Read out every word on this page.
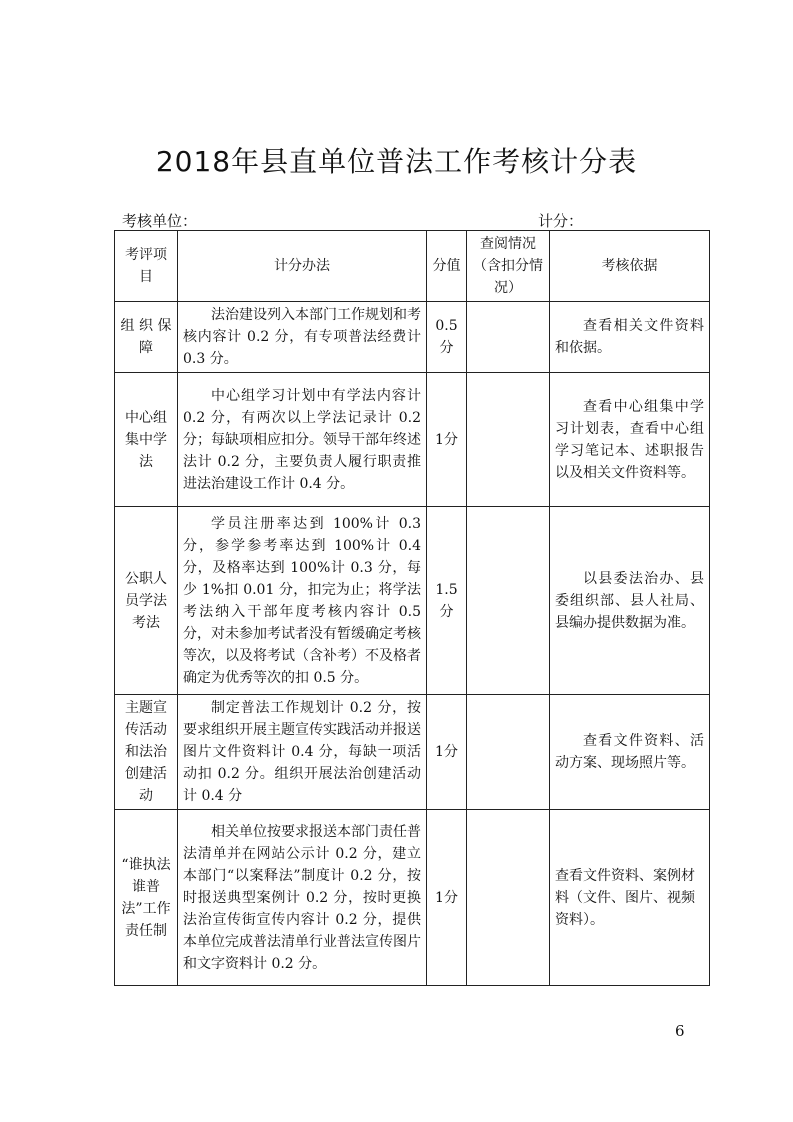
2018年县直单位普法工作考核计分表
考核单位：	计分：
考评项目	计分办法	分值	查阅情况（含扣分情况）	考核依据
组 织 保 障	法治建设列入本部门工作规划和考核内容计 0.2 分，有专项普法经费计 0.3 分。	0.5分		查看相关文件资料和依据。
中心组集中学法	中心组学习计划中有学法内容计 0.2 分，有两次以上学法记录计 0.2 分；每缺项相应扣分。领导干部年终述法计 0.2 分，主要负责人履行职责推进法治建设工作计 0.4 分。	1分		查看中心组集中学习计划表，查看中心组学习笔记本、述职报告以及相关文件资料等。
公职人员学法考法	学员注册率达到 100%计 0.3 分，参学参考率达到 100%计 0.4 分，及格率达到 100%计 0.3 分，每少 1%扣 0.01 分，扣完为止；将学法考法纳入干部年度考核内容计 0.5 分，对未参加考试者没有暂缓确定考核等次，以及将考试（含补考）不及格者确定为优秀等次的扣 0.5 分。	1.5分		以县委法治办、县委组织部、县人社局、县编办提供数据为准。
主题宣传活动和法治创建活动	制定普法工作规划计 0.2 分，按要求组织开展主题宣传实践活动并报送图片文件资料计 0.4 分，每缺一项活动扣 0.2 分。组织开展法治创建活动计 0.4 分	1分		查看文件资料、活动方案、现场照片等。
“谁执法谁普法”工作责任制	相关单位按要求报送本部门责任普法清单并在网站公示计 0.2 分，建立本部门“以案释法”制度计 0.2 分，按时报送典型案例计 0.2 分，按时更换法治宣传街宣传内容计 0.2 分，提供本单位完成普法清单行业普法宣传图片和文字资料计 0.2 分。	1分		查看文件资料、案例材料（文件、图片、视频资料）。
6
